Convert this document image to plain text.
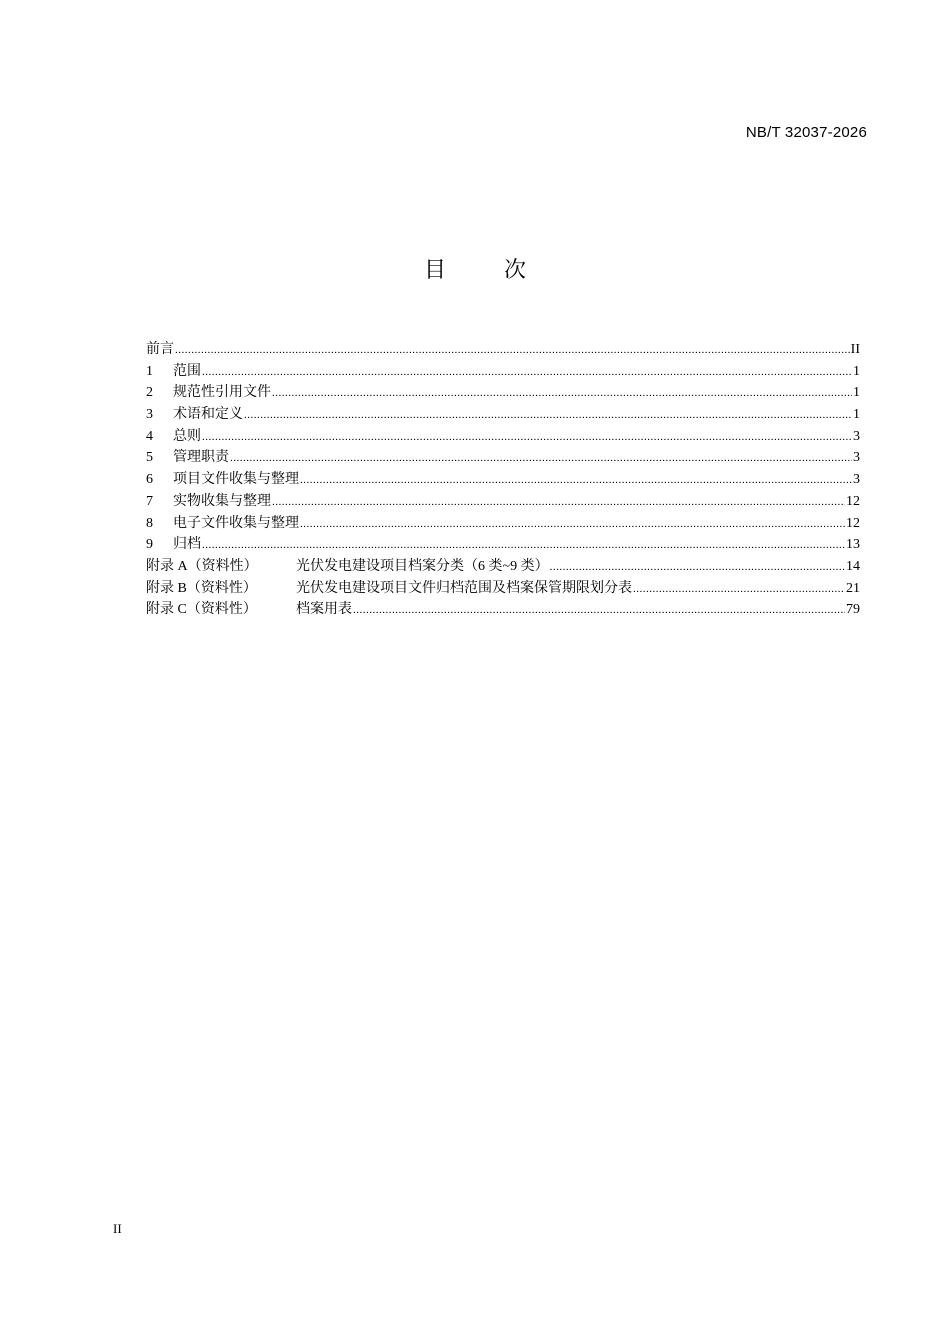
NB/T 32037-2026
目	次
前言 .....	II
1	范围 .....	1
2	规范性引用文件 .....	1
3	术语和定义 .....	1
4	总则 .....	3
5	管理职责 .....	3
6	项目文件收集与整理 .....	3
7	实物收集与整理 .....	12
8	电子文件收集与整理 .....	12
9	归档 .....	13
附录 A（资料性）	光伏发电建设项目档案分类（6 类~9 类） .....	14
附录 B（资料性）	光伏发电建设项目文件归档范围及档案保管期限划分表 .....	21
附录 C（资料性）	档案用表 .....	79
II
